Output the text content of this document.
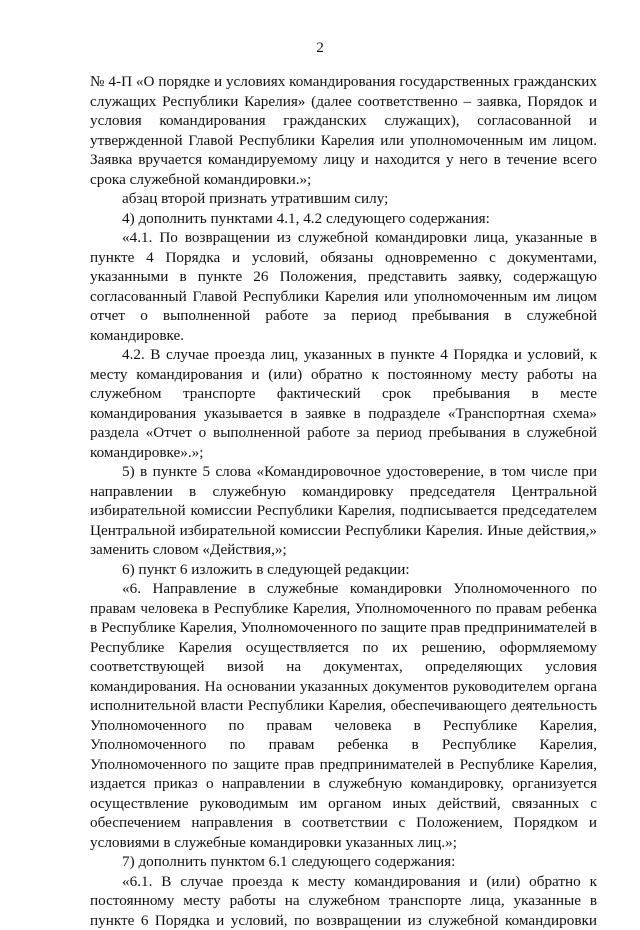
2

№ 4-П «О порядке и условиях командирования государственных гражданских служащих Республики Карелия» (далее соответственно – заявка, Порядок и условия командирования гражданских служащих), согласованной и утвержденной Главой Республики Карелия или уполномоченным им лицом. Заявка вручается командируемому лицу и находится у него в течение всего срока служебной командировки.»;

абзац второй признать утратившим силу;

4) дополнить пунктами 4.1, 4.2 следующего содержания:

«4.1. По возвращении из служебной командировки лица, указанные в пункте 4 Порядка и условий, обязаны одновременно с документами, указанными в пункте 26 Положения, представить заявку, содержащую согласованный Главой Республики Карелия или уполномоченным им лицом отчет о выполненной работе за период пребывания в служебной командировке.

4.2. В случае проезда лиц, указанных в пункте 4 Порядка и условий, к месту командирования и (или) обратно к постоянному месту работы на служебном транспорте фактический срок пребывания в месте командирования указывается в заявке в подразделе «Транспортная схема» раздела «Отчет о выполненной работе за период пребывания в служебной командировке».»;

5) в пункте 5 слова «Командировочное удостоверение, в том числе при направлении в служебную командировку председателя Центральной избирательной комиссии Республики Карелия, подписывается председателем Центральной избирательной комиссии Республики Карелия. Иные действия,» заменить словом «Действия,»;

6) пункт 6 изложить в следующей редакции:

«6. Направление в служебные командировки Уполномоченного по правам человека в Республике Карелия, Уполномоченного по правам ребенка в Республике Карелия, Уполномоченного по защите прав предпринимателей в Республике Карелия осуществляется по их решению, оформляемому соответствующей визой на документах, определяющих условия командирования. На основании указанных документов руководителем органа исполнительной власти Республики Карелия, обеспечивающего деятельность Уполномоченного по правам человека в Республике Карелия, Уполномоченного по правам ребенка в Республике Карелия, Уполномоченного по защите прав предпринимателей в Республике Карелия, издается приказ о направлении в служебную командировку, организуется осуществление руководимым им органом иных действий, связанных с обеспечением направления в соответствии с Положением, Порядком и условиями в служебные командировки указанных лиц.»;

7) дополнить пунктом 6.1 следующего содержания:

«6.1. В случае проезда к месту командирования и (или) обратно к постоянному месту работы на служебном транспорте лица, указанные в пункте 6 Порядка и условий, по возвращении из служебной командировки
